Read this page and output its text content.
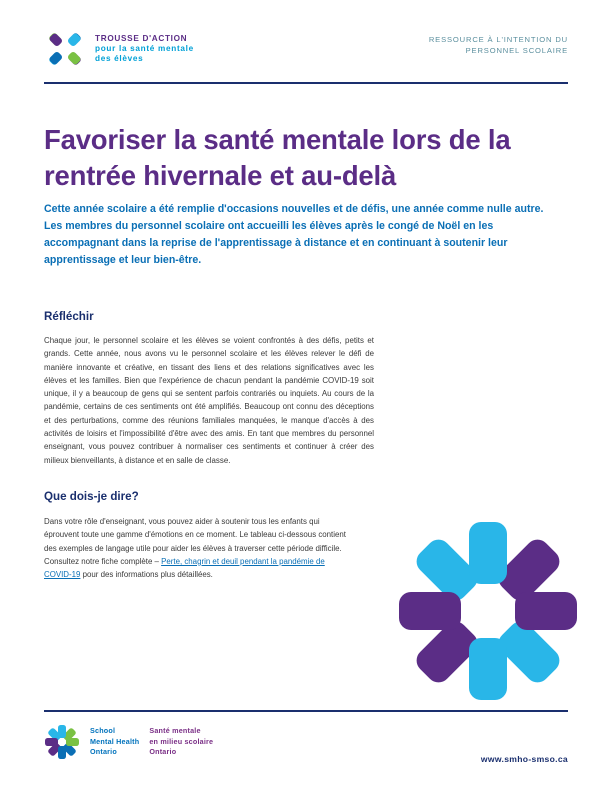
TROUSSE D'ACTION
pour la santé mentale
des élèves
RESSOURCE À L'INTENTION DU
PERSONNEL SCOLAIRE
Favoriser la santé mentale lors de la rentrée hivernale et au-delà

Cette année scolaire a été remplie d'occasions nouvelles et de défis, une année comme nulle autre. Les membres du personnel scolaire ont accueilli les élèves après le congé de Noël en les accompagnant dans la reprise de l'apprentissage à distance et en continuant à soutenir leur apprentissage et leur bien-être.

Réfléchir
Chaque jour, le personnel scolaire et les élèves se voient confrontés à des défis, petits et grands. Cette année, nous avons vu le personnel scolaire et les élèves relever le défi de manière innovante et créative, en tissant des liens et des relations significatives avec les élèves et les familles. Bien que l'expérience de chacun pendant la pandémie COVID-19 soit unique, il y a beaucoup de gens qui se sentent parfois contrariés ou inquiets. Au cours de la pandémie, certains de ces sentiments ont été amplifiés. Beaucoup ont connu des déceptions et des perturbations, comme des réunions familiales manquées, le manque d'accès à des activités de loisirs et l'impossibilité d'être avec des amis. En tant que membres du personnel enseignant, vous pouvez contribuer à normaliser ces sentiments et continuer à créer des milieux bienveillants, à distance et en salle de classe.
Que dois-je dire?
Dans votre rôle d'enseignant, vous pouvez aider à soutenir tous les enfants qui éprouvent toute une gamme d'émotions en ce moment. Le tableau ci-dessous contient des exemples de langage utile pour aider les élèves à traverser cette période difficile. Consultez notre fiche complète – Perte, chagrin et deuil pendant la pandémie de COVID-19 pour des informations plus détaillées.
School
Mental Health
Ontario
Santé mentale
en milieu scolaire
Ontario
www.smho-smso.ca
